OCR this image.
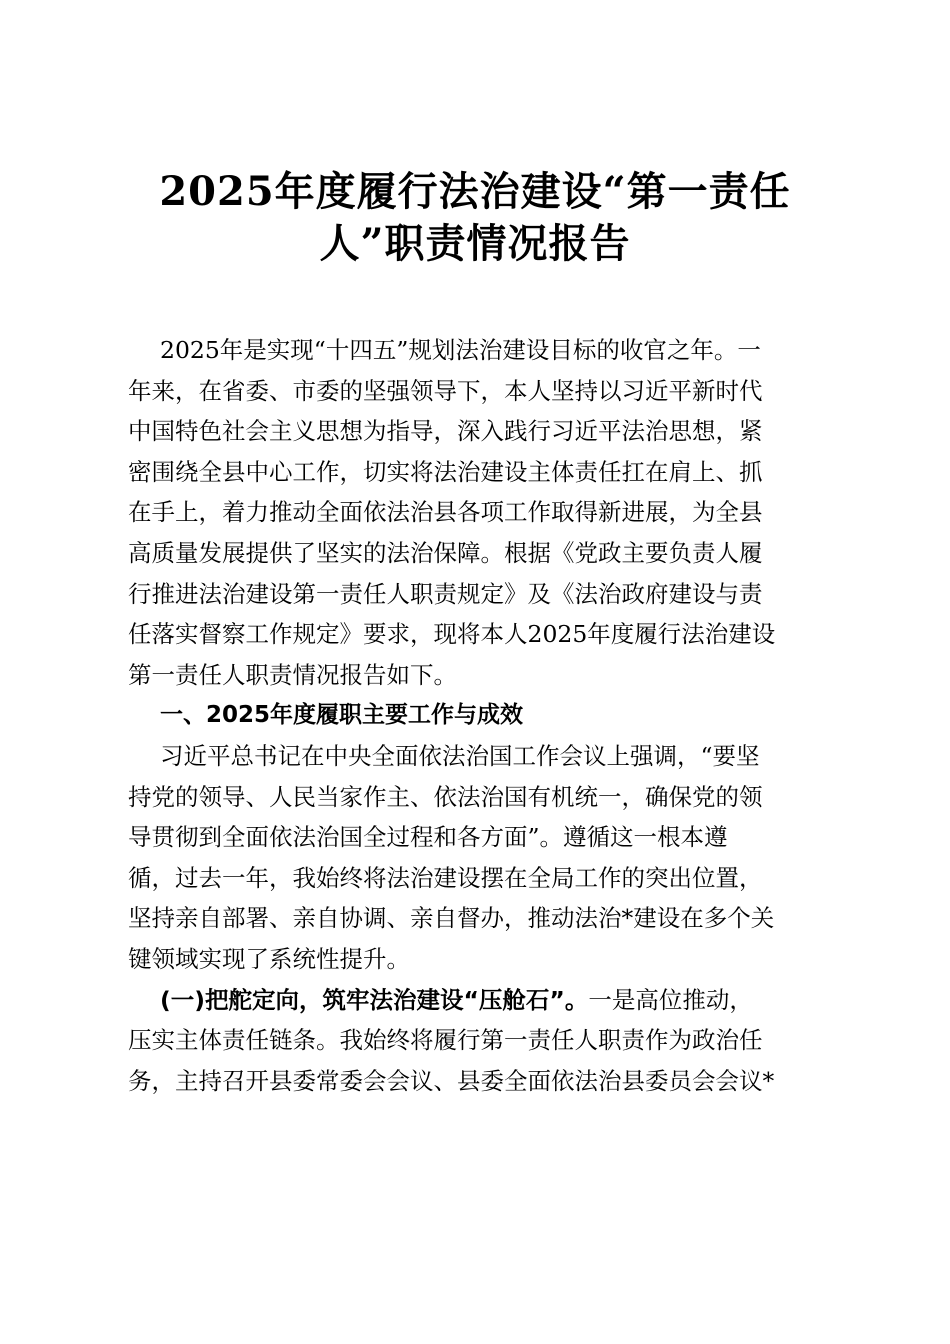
2025年度履行法治建设“第一责任
人”职责情况报告
2025年是实现“十四五”规划法治建设目标的收官之年。一
年来，在省委、市委的坚强领导下，本人坚持以习近平新时代
中国特色社会主义思想为指导，深入践行习近平法治思想，紧
密围绕全县中心工作，切实将法治建设主体责任扛在肩上、抓
在手上，着力推动全面依法治县各项工作取得新进展，为全县
高质量发展提供了坚实的法治保障。根据《党政主要负责人履
行推进法治建设第一责任人职责规定》及《法治政府建设与责
任落实督察工作规定》要求，现将本人2025年度履行法治建设
第一责任人职责情况报告如下。
一、2025年度履职主要工作与成效
习近平总书记在中央全面依法治国工作会议上强调，“要坚
持党的领导、人民当家作主、依法治国有机统一，确保党的领
导贯彻到全面依法治国全过程和各方面”。遵循这一根本遵
循，过去一年，我始终将法治建设摆在全局工作的突出位置，
坚持亲自部署、亲自协调、亲自督办，推动法治*建设在多个关
键领域实现了系统性提升。
(一)把舵定向，筑牢法治建设“压舱石”。一是高位推动，
压实主体责任链条。我始终将履行第一责任人职责作为政治任
务，主持召开县委常委会会议、县委全面依法治县委员会会议*
